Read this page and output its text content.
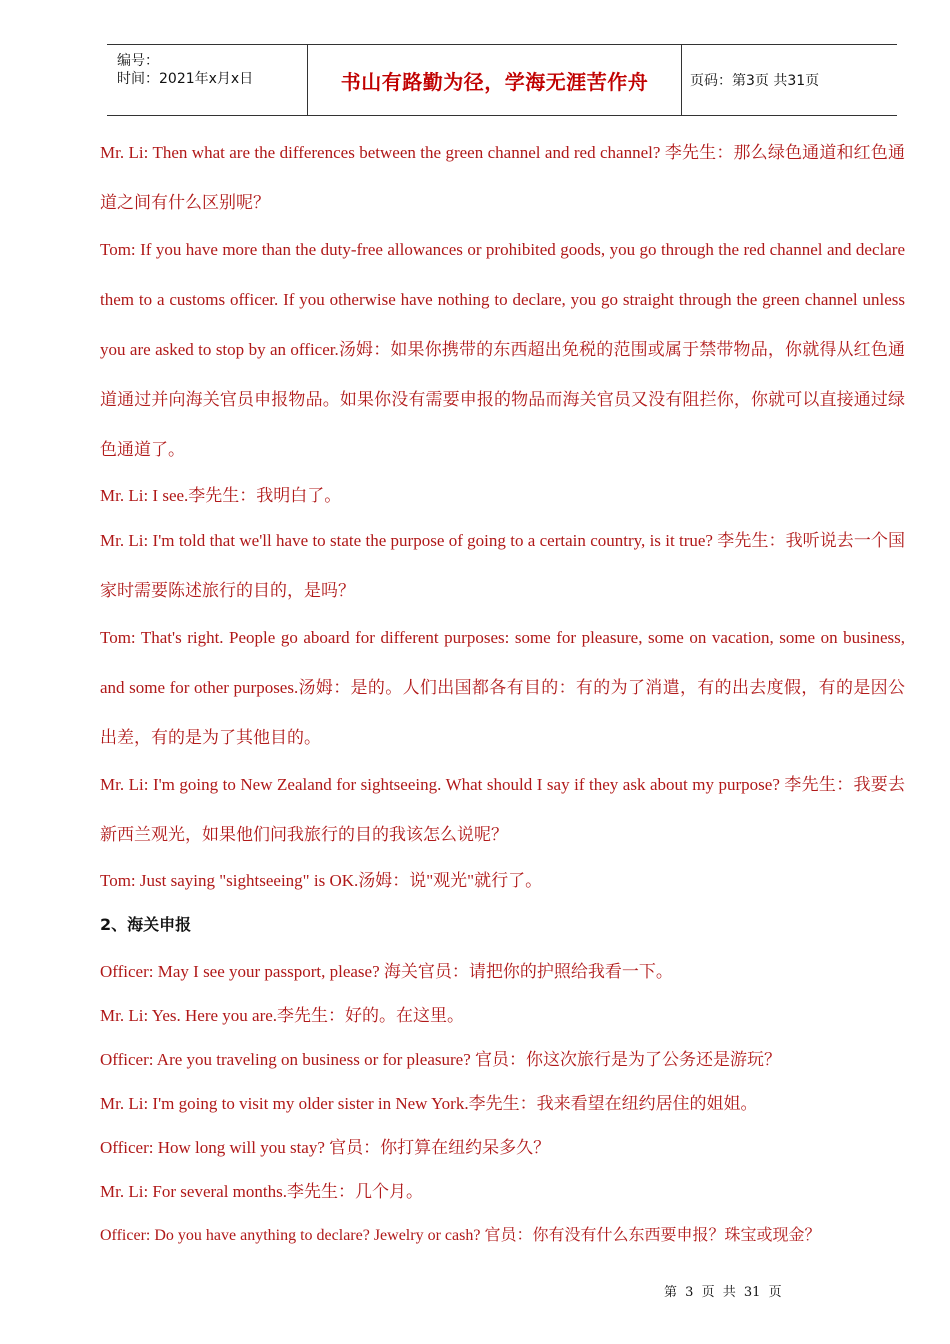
编号：
时间：2021年x月x日	书山有路勤为径，学海无涯苦作舟	页码：第3页 共31页

Mr. Li: Then what are the differences between the green channel and red channel? 李先生：那么绿色通道和红色通道之间有什么区别呢？

Tom: If you have more than the duty-free allowances or prohibited goods, you go through the red channel and declare them to a customs officer. If you otherwise have nothing to declare, you go straight through the green channel unless you are asked to stop by an officer.汤姆：如果你携带的东西超出免税的范围或属于禁带物品，你就得从红色通道通过并向海关官员申报物品。如果你没有需要申报的物品而海关官员又没有阻拦你，你就可以直接通过绿色通道了。

Mr. Li: I see.李先生：我明白了。

Mr. Li: I'm told that we'll have to state the purpose of going to a certain country, is it true? 李先生：我听说去一个国家时需要陈述旅行的目的，是吗？

Tom: That's right. People go aboard for different purposes: some for pleasure, some on vacation, some on business, and some for other purposes.汤姆：是的。人们出国都各有目的：有的为了消遣，有的出去度假，有的是因公出差，有的是为了其他目的。

Mr. Li: I'm going to New Zealand for sightseeing. What should I say if they ask about my purpose? 李先生：我要去新西兰观光，如果他们问我旅行的目的我该怎么说呢？

Tom: Just saying "sightseeing" is OK.汤姆：说"观光"就行了。

2、海关申报

Officer: May I see your passport, please? 海关官员：请把你的护照给我看一下。

Mr. Li: Yes. Here you are.李先生：好的。在这里。

Officer: Are you traveling on business or for pleasure? 官员：你这次旅行是为了公务还是游玩？

Mr. Li: I'm going to visit my older sister in New York.李先生：我来看望在纽约居住的姐姐。

Officer: How long will you stay? 官员：你打算在纽约呆多久？

Mr. Li: For several months.李先生：几个月。

Officer: Do you have anything to declare? Jewelry or cash? 官员：你有没有什么东西要申报？珠宝或现金？

第 3 页 共 31 页
